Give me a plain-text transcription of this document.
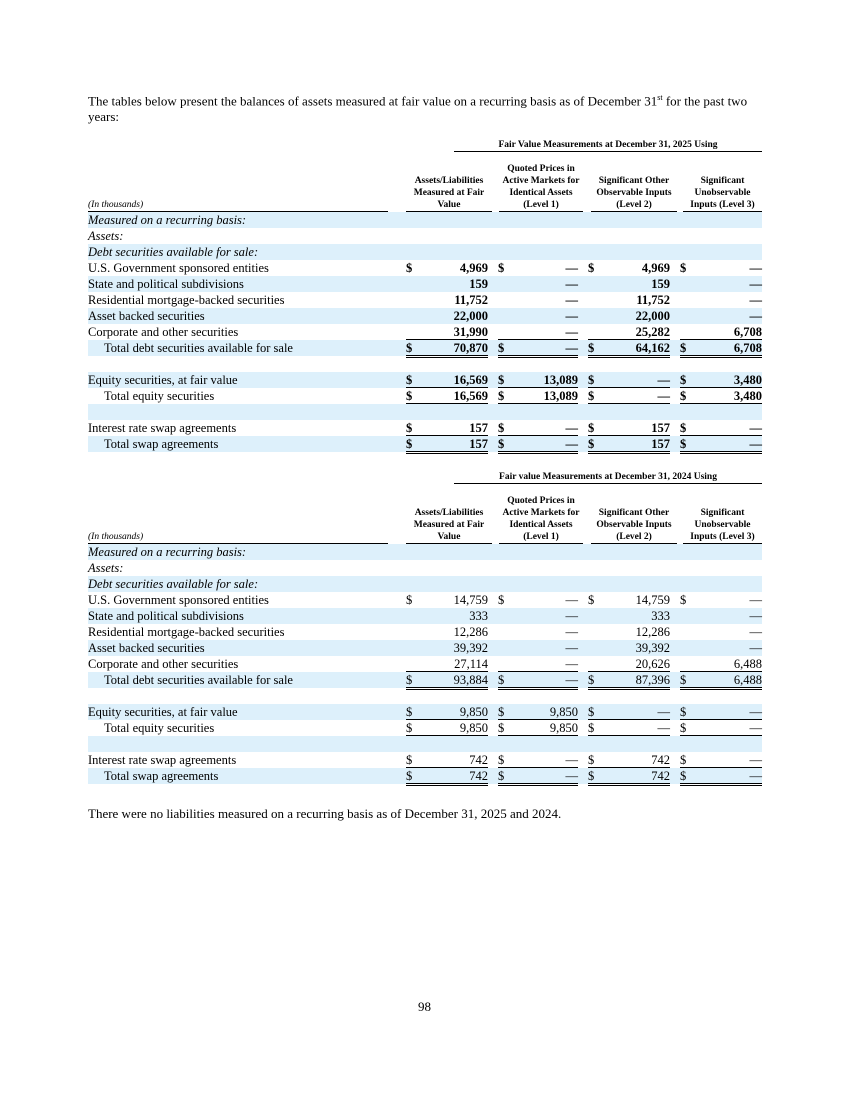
The tables below present the balances of assets measured at fair value on a recurring basis as of December 31st for the past two years:
Fair Value Measurements at December 31, 2025 Using
Assets/Liabilities Measured at Fair Value
Quoted Prices in Active Markets for Identical Assets (Level 1)
Significant Other Observable Inputs (Level 2)
Significant Unobservable Inputs (Level 3)
(In thousands)
Measured on a recurring basis:
Assets:
Debt securities available for sale:
U.S. Government sponsored entities	$	4,969 $	— $	4,969 $	—
State and political subdivisions	159	—	159	—
Residential mortgage-backed securities	11,752	—	11,752	—
Asset backed securities	22,000	—	22,000	—
Corporate and other securities	31,990	—	25,282	6,708
Total debt securities available for sale	$	70,870 $	— $	64,162 $	6,708
Equity securities, at fair value	$	16,569 $	13,089 $	— $	3,480
Total equity securities	$	16,569 $	13,089 $	— $	3,480
Interest rate swap agreements	$	157 $	— $	157 $	—
Total swap agreements	$	157 $	— $	157 $	—
Fair value Measurements at December 31, 2024 Using
Assets/Liabilities Measured at Fair Value
Quoted Prices in Active Markets for Identical Assets (Level 1)
Significant Other Observable Inputs (Level 2)
Significant Unobservable Inputs (Level 3)
(In thousands)
Measured on a recurring basis:
Assets:
Debt securities available for sale:
U.S. Government sponsored entities	$	14,759 $	— $	14,759 $	—
State and political subdivisions	333	—	333	—
Residential mortgage-backed securities	12,286	—	12,286	—
Asset backed securities	39,392	—	39,392	—
Corporate and other securities	27,114	—	20,626	6,488
Total debt securities available for sale	$	93,884 $	— $	87,396 $	6,488
Equity securities, at fair value	$	9,850 $	9,850 $	— $	—
Total equity securities	$	9,850 $	9,850 $	— $	—
Interest rate swap agreements	$	742 $	— $	742 $	—
Total swap agreements	$	742 $	— $	742 $	—
There were no liabilities measured on a recurring basis as of December 31, 2025 and 2024.
98
